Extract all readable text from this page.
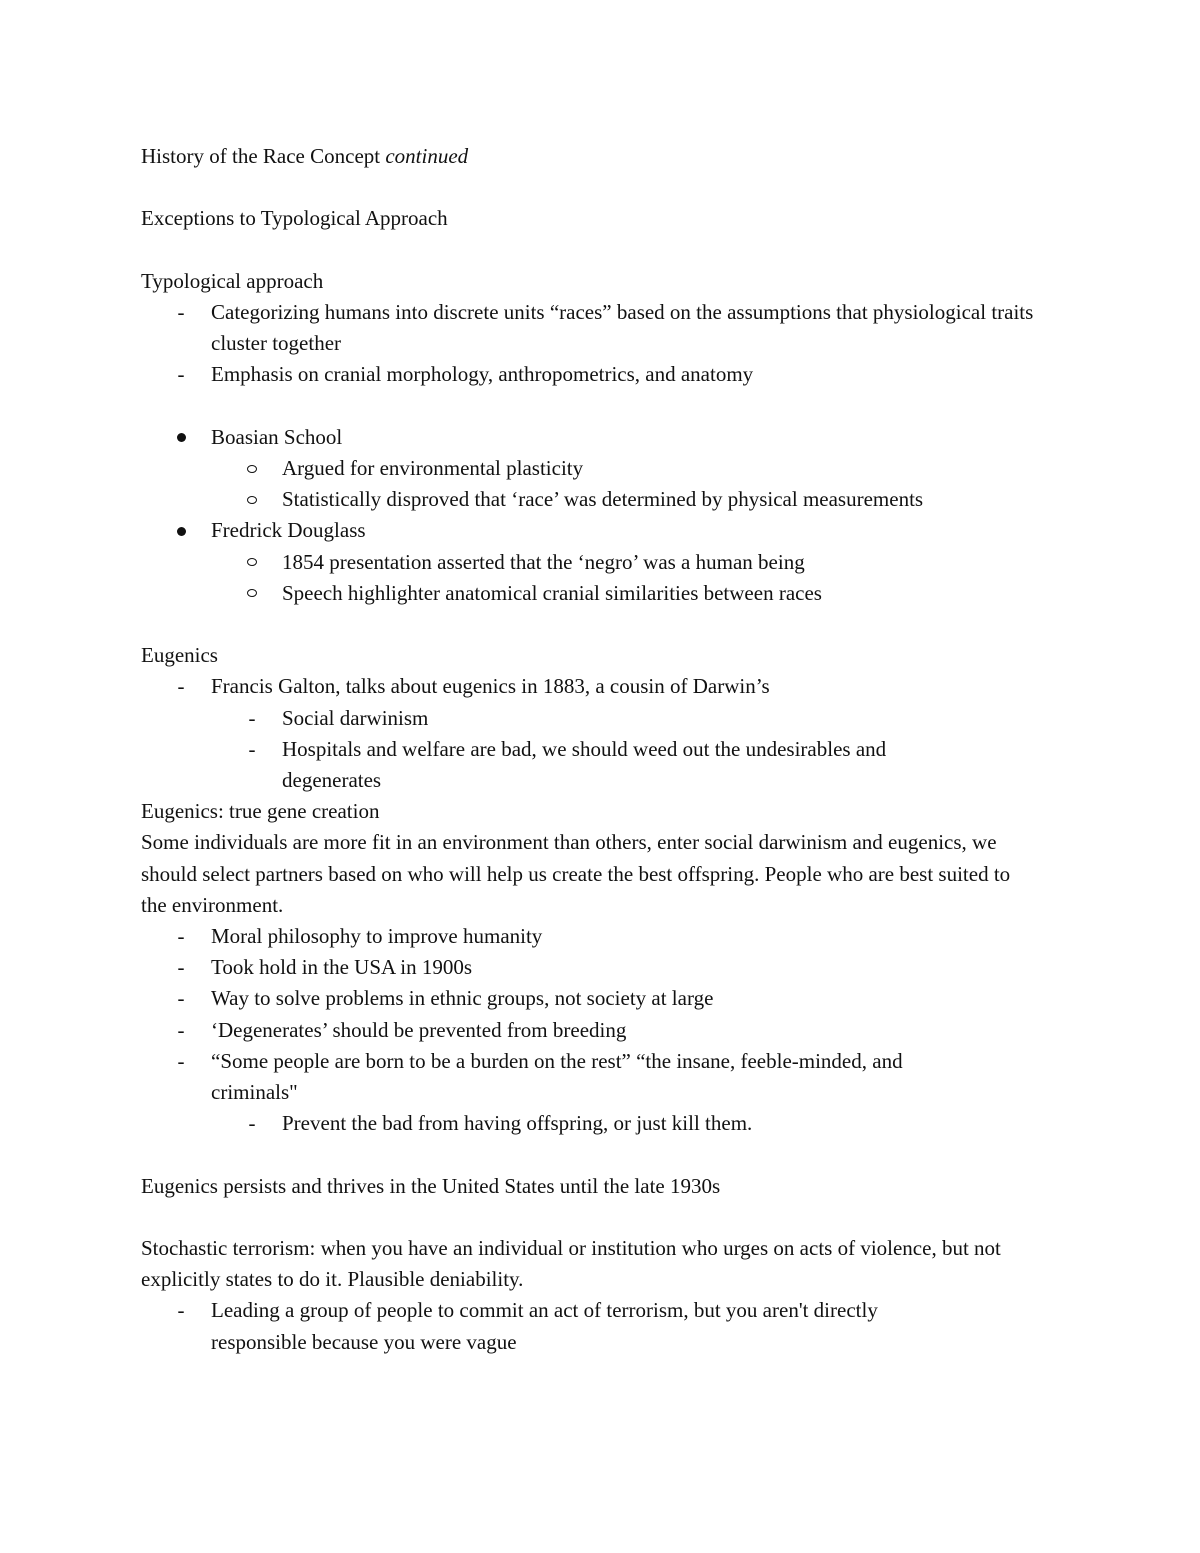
History of the Race Concept continued
Exceptions to Typological Approach
Typological approach
-	Categorizing humans into discrete units “races” based on the assumptions that physiological traits cluster together
-	Emphasis on cranial morphology, anthropometrics, and anatomy
Boasian School
Argued for environmental plasticity
Statistically disproved that ‘race’ was determined by physical measurements
Fredrick Douglass
1854 presentation asserted that the ‘negro’ was a human being
Speech highlighter anatomical cranial similarities between races
Eugenics
-	Francis Galton, talks about eugenics in 1883, a cousin of Darwin’s
-	Social darwinism
-	Hospitals and welfare are bad, we should weed out the undesirables and degenerates
Eugenics: true gene creation
Some individuals are more fit in an environment than others, enter social darwinism and eugenics, we should select partners based on who will help us create the best offspring. People who are best suited to the environment.
-	Moral philosophy to improve humanity
-	Took hold in the USA in 1900s
-	Way to solve problems in ethnic groups, not society at large
-	‘Degenerates’ should be prevented from breeding
-	“Some people are born to be a burden on the rest” “the insane, feeble-minded, and criminals"
-	Prevent the bad from having offspring, or just kill them.
Eugenics persists and thrives in the United States until the late 1930s
Stochastic terrorism: when you have an individual or institution who urges on acts of violence, but not explicitly states to do it. Plausible deniability.
-	Leading a group of people to commit an act of terrorism, but you aren't directly responsible because you were vague
